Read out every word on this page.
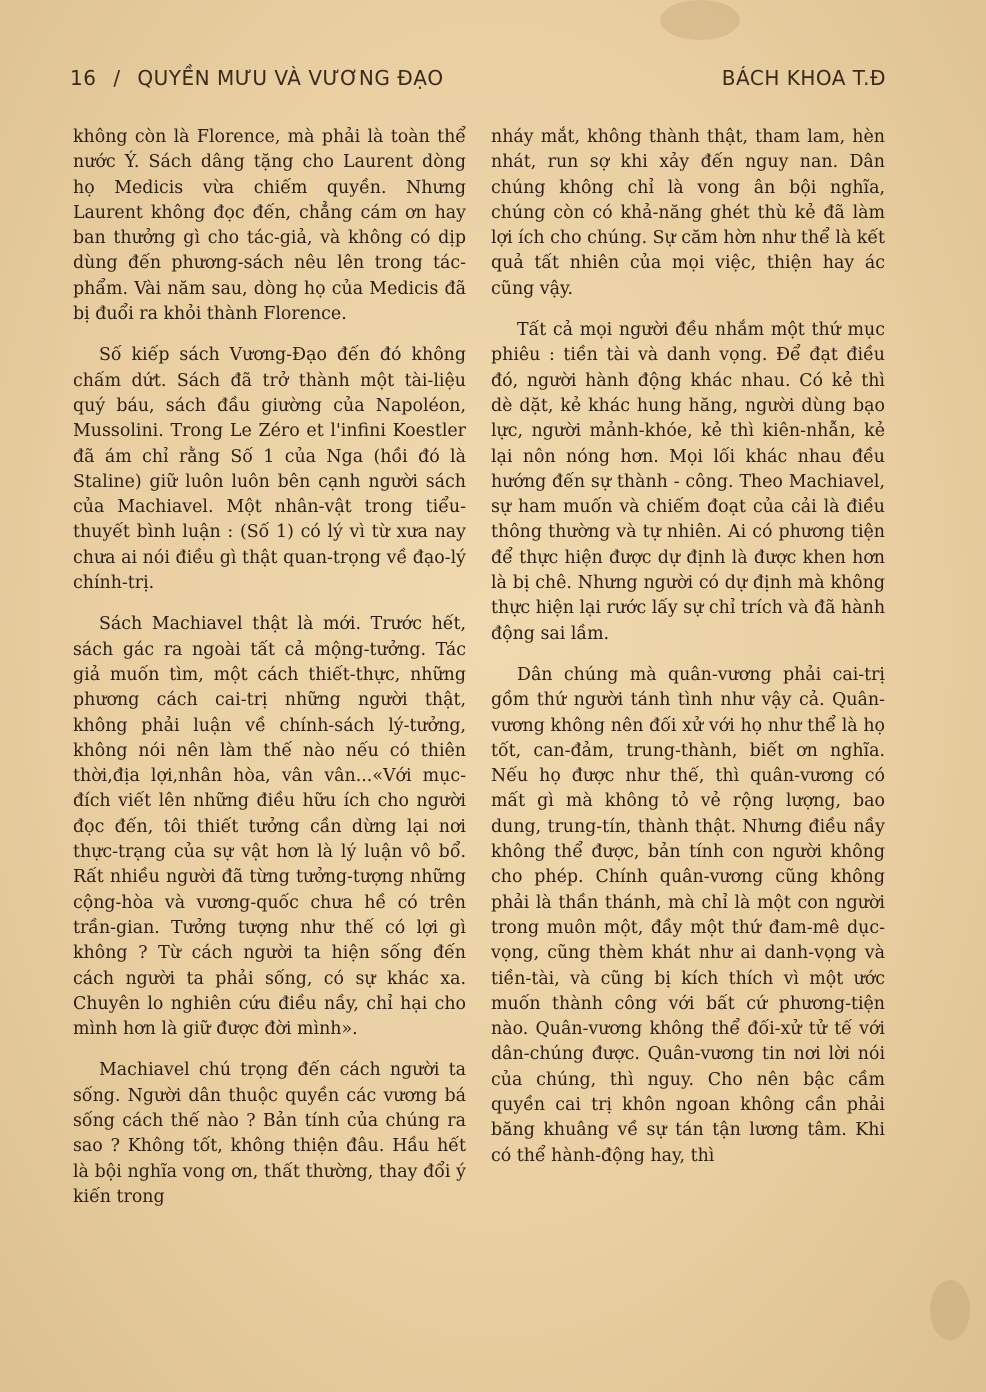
16 / QUYỀN MƯU VÀ VƯƠNG ĐẠO	BÁCH KHOA T.Đ

không còn là Florence, mà phải là toàn thể nước Ý. Sách dâng tặng cho Laurent dòng họ Medicis vừa chiếm quyền. Nhưng Laurent không đọc đến, chẳng cám ơn hay ban thưởng gì cho tác-giả, và không có dịp dùng đến phương-sách nêu lên trong tác-phẩm. Vài năm sau, dòng họ của Medicis đã bị đuổi ra khỏi thành Florence.

Số kiếp sách Vương-Đạo đến đó không chấm dứt. Sách đã trở thành một tài-liệu quý báu, sách đầu giường của Napoléon, Mussolini. Trong Le Zéro et l'infini Koestler đã ám chỉ rằng Số 1 của Nga (hồi đó là Staline) giữ luôn luôn bên cạnh người sách của Machiavel. Một nhân-vật trong tiểu-thuyết bình luận : (Số 1) có lý vì từ xưa nay chưa ai nói điều gì thật quan-trọng về đạo-lý chính-trị.

Sách Machiavel thật là mới. Trước hết, sách gác ra ngoài tất cả mộng-tưởng. Tác giả muốn tìm, một cách thiết-thực, những phương cách cai-trị những người thật, không phải luận về chính-sách lý-tưởng, không nói nên làm thế nào nếu có thiên thời,địa lợi,nhân hòa, vân vân...«Với mục-đích viết lên những điều hữu ích cho người đọc đến, tôi thiết tưởng cần dừng lại nơi thực-trạng của sự vật hơn là lý luận vô bổ. Rất nhiều người đã từng tưởng-tượng những cộng-hòa và vương-quốc chưa hề có trên trần-gian. Tưởng tượng như thế có lợi gì không ? Từ cách người ta hiện sống đến cách người ta phải sống, có sự khác xa. Chuyên lo nghiên cứu điều nầy, chỉ hại cho mình hơn là giữ được đời mình».

Machiavel chú trọng đến cách người ta sống. Người dân thuộc quyền các vương bá sống cách thế nào ? Bản tính của chúng ra sao ? Không tốt, không thiện đâu. Hầu hết là bội nghĩa vong ơn, thất thường, thay đổi ý kiến trong

nháy mắt, không thành thật, tham lam, hèn nhát, run sợ khi xảy đến nguy nan. Dân chúng không chỉ là vong ân bội nghĩa, chúng còn có khả-năng ghét thù kẻ đã làm lợi ích cho chúng. Sự căm hờn như thể là kết quả tất nhiên của mọi việc, thiện hay ác cũng vậy.

Tất cả mọi người đều nhắm một thứ mục phiêu : tiền tài và danh vọng. Để đạt điều đó, người hành động khác nhau. Có kẻ thì dè dặt, kẻ khác hung hăng, người dùng bạo lực, người mảnh-khóe, kẻ thì kiên-nhẫn, kẻ lại nôn nóng hơn. Mọi lối khác nhau đều hướng đến sự thành - công. Theo Machiavel, sự ham muốn và chiếm đoạt của cải là điều thông thường và tự nhiên. Ai có phương tiện để thực hiện được dự định là được khen hơn là bị chê. Nhưng người có dự định mà không thực hiện lại rước lấy sự chỉ trích và đã hành động sai lầm.

Dân chúng mà quân-vương phải cai-trị gồm thứ người tánh tình như vậy cả. Quân-vương không nên đối xử với họ như thể là họ tốt, can-đảm, trung-thành, biết ơn nghĩa. Nếu họ được như thế, thì quân-vương có mất gì mà không tỏ vẻ rộng lượng, bao dung, trung-tín, thành thật. Nhưng điều nầy không thể được, bản tính con người không cho phép. Chính quân-vương cũng không phải là thần thánh, mà chỉ là một con người trong muôn một, đầy một thứ đam-mê dục-vọng, cũng thèm khát như ai danh-vọng và tiền-tài, và cũng bị kích thích vì một ước muốn thành công với bất cứ phương-tiện nào. Quân-vương không thể đối-xử tử tế với dân-chúng được. Quân-vương tin nơi lời nói của chúng, thì nguy. Cho nên bậc cầm quyền cai trị khôn ngoan không cần phải băng khuâng về sự tán tận lương tâm. Khi có thể hành-động hay, thì
